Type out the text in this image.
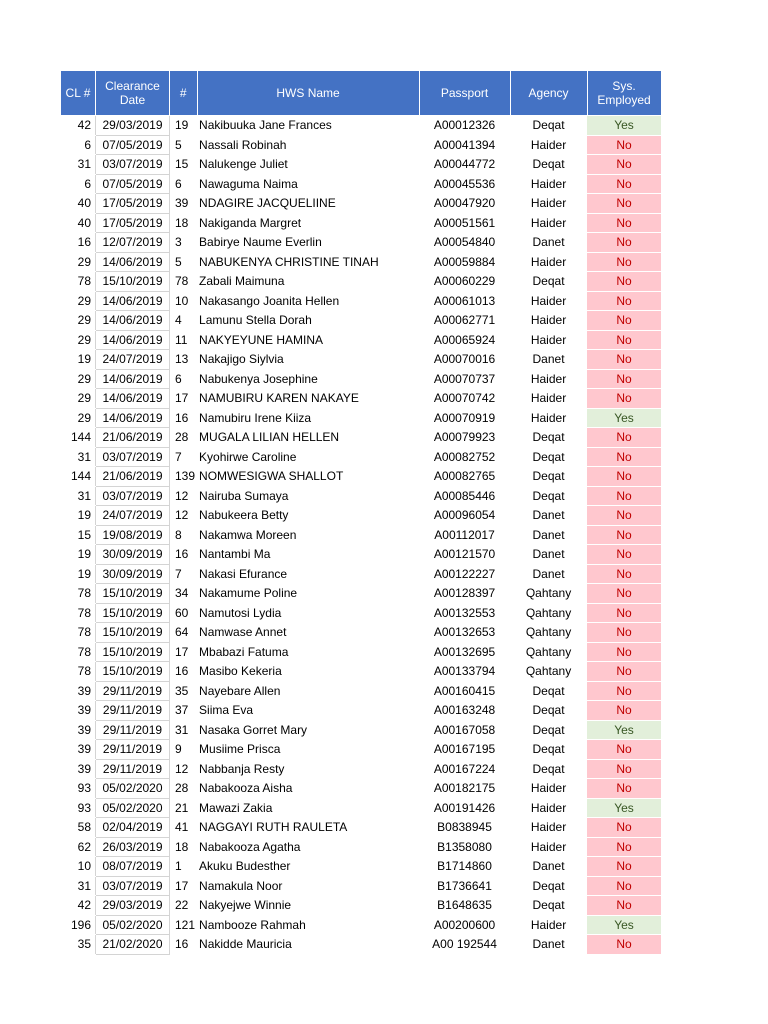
CL #	Clearance Date	#	HWS Name	Passport	Agency	Sys. Employed
42	29/03/2019	19	Nakibuuka Jane Frances	A00012326	Deqat	Yes
6	07/05/2019	5	Nassali Robinah	A00041394	Haider	No
31	03/07/2019	15	Nalukenge Juliet	A00044772	Deqat	No
6	07/05/2019	6	Nawaguma Naima	A00045536	Haider	No
40	17/05/2019	39	NDAGIRE JACQUELIINE	A00047920	Haider	No
40	17/05/2019	18	Nakiganda Margret	A00051561	Haider	No
16	12/07/2019	3	Babirye Naume Everlin	A00054840	Danet	No
29	14/06/2019	5	NABUKENYA CHRISTINE TINAH	A00059884	Haider	No
78	15/10/2019	78	Zabali Maimuna	A00060229	Deqat	No
29	14/06/2019	10	Nakasango Joanita Hellen	A00061013	Haider	No
29	14/06/2019	4	Lamunu Stella Dorah	A00062771	Haider	No
29	14/06/2019	11	NAKYEYUNE HAMINA	A00065924	Haider	No
19	24/07/2019	13	Nakajigo Siylvia	A00070016	Danet	No
29	14/06/2019	6	Nabukenya Josephine	A00070737	Haider	No
29	14/06/2019	17	NAMUBIRU KAREN NAKAYE	A00070742	Haider	No
29	14/06/2019	16	Namubiru Irene Kiiza	A00070919	Haider	Yes
144	21/06/2019	28	MUGALA LILIAN HELLEN	A00079923	Deqat	No
31	03/07/2019	7	Kyohirwe Caroline	A00082752	Deqat	No
144	21/06/2019	139	NOMWESIGWA SHALLOT	A00082765	Deqat	No
31	03/07/2019	12	Nairuba Sumaya	A00085446	Deqat	No
19	24/07/2019	12	Nabukeera Betty	A00096054	Danet	No
15	19/08/2019	8	Nakamwa Moreen	A00112017	Danet	No
19	30/09/2019	16	Nantambi Ma	A00121570	Danet	No
19	30/09/2019	7	Nakasi Efurance	A00122227	Danet	No
78	15/10/2019	34	Nakamume Poline	A00128397	Qahtany	No
78	15/10/2019	60	Namutosi Lydia	A00132553	Qahtany	No
78	15/10/2019	64	Namwase Annet	A00132653	Qahtany	No
78	15/10/2019	17	Mbabazi Fatuma	A00132695	Qahtany	No
78	15/10/2019	16	Masibo Kekeria	A00133794	Qahtany	No
39	29/11/2019	35	Nayebare Allen	A00160415	Deqat	No
39	29/11/2019	37	Siima Eva	A00163248	Deqat	No
39	29/11/2019	31	Nasaka Gorret Mary	A00167058	Deqat	Yes
39	29/11/2019	9	Musiime Prisca	A00167195	Deqat	No
39	29/11/2019	12	Nabbanja Resty	A00167224	Deqat	No
93	05/02/2020	28	Nabakooza Aisha	A00182175	Haider	No
93	05/02/2020	21	Mawazi Zakia	A00191426	Haider	Yes
58	02/04/2019	41	NAGGAYI RUTH RAULETA	B0838945	Haider	No
62	26/03/2019	18	Nabakooza Agatha	B1358080	Haider	No
10	08/07/2019	1	Akuku Budesther	B1714860	Danet	No
31	03/07/2019	17	Namakula Noor	B1736641	Deqat	No
42	29/03/2019	22	Nakyejwe Winnie	B1648635	Deqat	No
196	05/02/2020	121	Nambooze Rahmah	A00200600	Haider	Yes
35	21/02/2020	16	Nakidde Mauricia	A00 192544	Danet	No
